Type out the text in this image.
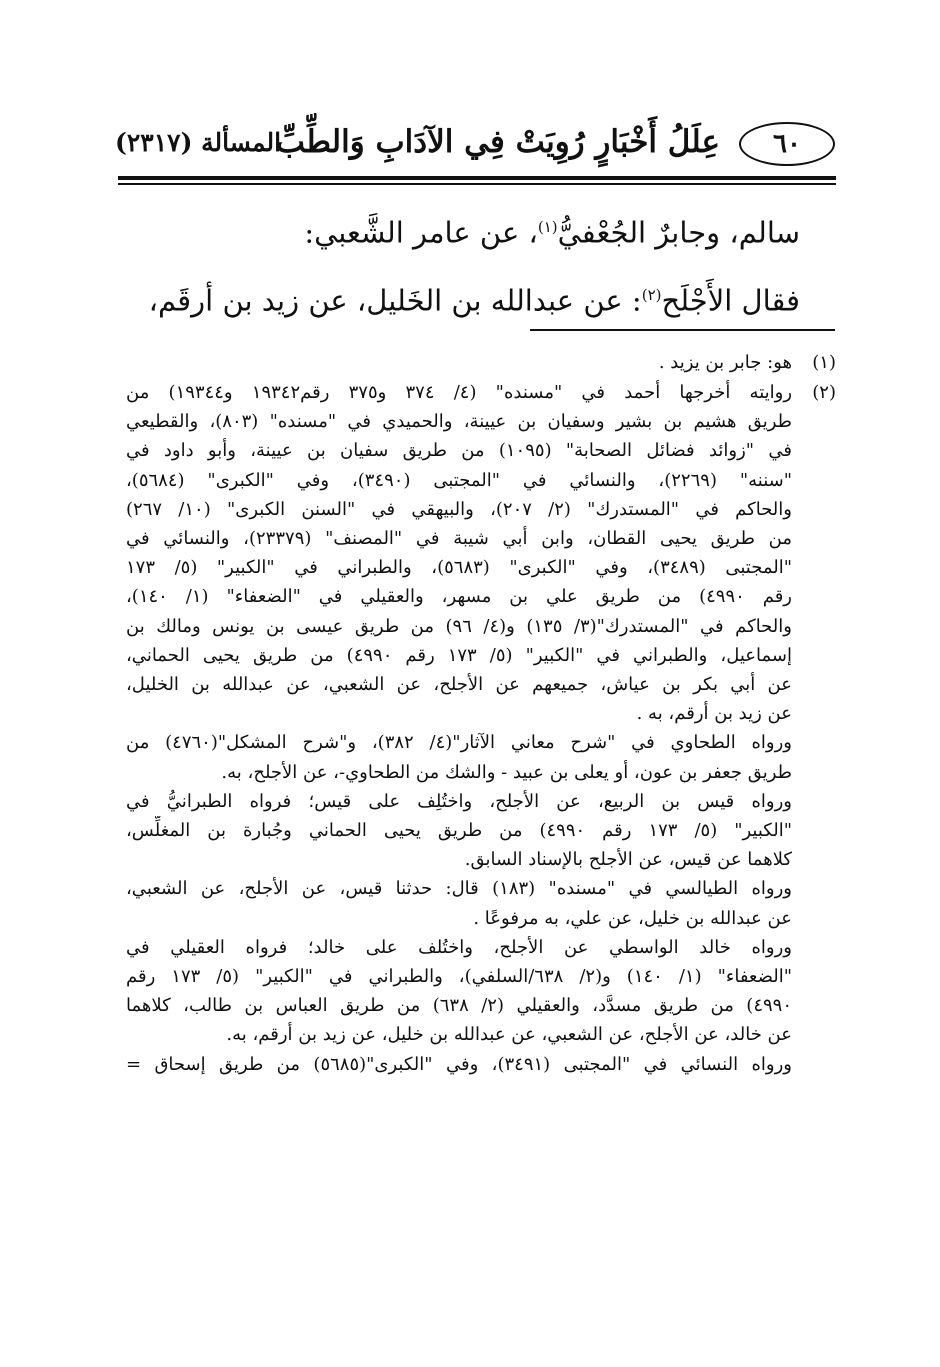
٦٠
عِلَلُ أَخْبَارٍ رُوِيَتْ فِي الآدَابِ وَالطِّبِّ
المسألة (٢٣١٧)
سالم، وجابرٌ الجُعْفيُّ$^{(١)}$، عن عامر الشَّعبي:
فقال الأَجْلَح$^{(٢)}$: عن عبدالله بن الخَليل، عن زيد بن أرقَم،
(١)
هو: جابر بن يزيد .
(٢)
روايته أخرجها أحمد في "مسنده" (٤/ ٣٧٤ و٣٧٥ رقم١٩٣٤٢ و١٩٣٤٤) من
طريق هشيم بن بشير وسفيان بن عيينة، والحميدي في "مسنده" (٨٠٣)، والقطيعي
في "زوائد فضائل الصحابة" (١٠٩٥) من طريق سفيان بن عيينة، وأبو داود في
"سننه" (٢٢٦٩)، والنسائي في "المجتبى (٣٤٩٠)، وفي "الكبرى" (٥٦٨٤)،
والحاكم في "المستدرك" (٢/ ٢٠٧)، والبيهقي في "السنن الكبرى" (١٠/ ٢٦٧)
من طريق يحيى القطان، وابن أبي شيبة في "المصنف" (٢٣٣٧٩)، والنسائي في
"المجتبى (٣٤٨٩)، وفي "الكبرى" (٥٦٨٣)، والطبراني في "الكبير" (٥/ ١٧٣
رقم ٤٩٩٠) من طريق علي بن مسهر، والعقيلي في "الضعفاء" (١/ ١٤٠)،
والحاكم في "المستدرك"(٣/ ١٣٥) و(٤/ ٩٦) من طريق عيسى بن يونس ومالك بن
إسماعيل، والطبراني في "الكبير" (٥/ ١٧٣ رقم ٤٩٩٠) من طريق يحيى الحماني،
عن أبي بكر بن عياش، جميعهم عن الأجلح، عن الشعبي، عن عبدالله بن الخليل،
عن زيد بن أرقم، به .
ورواه الطحاوي في "شرح معاني الآثار"(٤/ ٣٨٢)، و"شرح المشكل"(٤٧٦٠) من
طريق جعفر بن عون، أو يعلى بن عبيد - والشك من الطحاوي-، عن الأجلح، به.
ورواه قيس بن الربيع، عن الأجلح، واختُلِف على قيس؛ فرواه الطبرانيُّ في
"الكبير" (٥/ ١٧٣ رقم ٤٩٩٠) من طريق يحيى الحماني وجُبارة بن المغلِّس،
كلاهما عن قيس، عن الأجلح بالإسناد السابق.
ورواه الطيالسي في "مسنده" (١٨٣) قال: حدثنا قيس، عن الأجلح، عن الشعبي،
عن عبدالله بن خليل، عن علي، به مرفوعًا .
ورواه خالد الواسطي عن الأجلح، واختُلف على خالد؛ فرواه العقيلي في
"الضعفاء" (١/ ١٤٠) و(٢/ ٦٣٨/السلفي)، والطبراني في "الكبير" (٥/ ١٧٣ رقم
٤٩٩٠) من طريق مسدَّد، والعقيلي (٢/ ٦٣٨) من طريق العباس بن طالب، كلاهما
عن خالد، عن الأجلح، عن الشعبي، عن عبدالله بن خليل، عن زيد بن أرقم، به.
ورواه النسائي في "المجتبى (٣٤٩١)، وفي "الكبرى"(٥٦٨٥) من طريق إسحاق =
